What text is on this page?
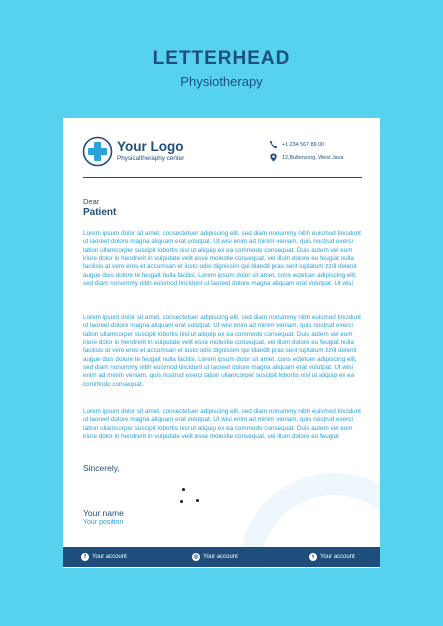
LETTERHEAD
Physiotherapy
Your Logo
Physicaltheraphy center
+1 234 567 89 00
12,Bultenzorg, West Java
Dear
Patient

Lorem ipsum dolor sit amet, consectetuer adipiscing elit, sed diam nonummy nibh euismod tincidunt ut laoreet dolore magna aliquam erat volutpat. Ut wisi enim ad minim veniam, quis nostrud exerci tation ullamcorper suscipit lobortis nisl ut aliquip ex ea commodo consequat. Duis autem vel eum iriure dolor in hendrerit in vulputate velit esse molestie consequat, vel illum dolore eu feugiat nulla facilisis at vero eros et accumsan et iusto odio dignissim qui blandit pras sent luptatum zzril delenit augue duis dolore te feugait nulla facilisi. Lorem ipsum dolor sit amet, cons ectetuer adipiscing elit, sed diam nonummy nibh euismod tincidunt ut laoreet dolore magna aliquam erat volutpat. Ut wisi

Lorem ipsum dolor sit amet, consectetuer adipiscing elit, sed diam nonummy nibh euismod tincidunt ut laoreet dolore magna aliquam erat volutpat. Ut wisi enim ad minim veniam, quis nostrud exerci tation ullamcorper suscipit lobortis nisl ut aliquip ex ea commodo consequat. Duis autem vel eum iriure dolor in hendrerit in vulputate velit esse molestie consequat, vel illum dolore eu feugiat nulla facilisis at vero eros et accumsan et iusto odio dignissim qui blandit pras sent luptatum zzril delenit augue duis dolore te feugait nulla facilisi. Lorem ipsum dolor sit amet, cons ectetuer adipiscing elit, sed diam nonummy nibh euismod tincidunt ut laoreet dolore magna aliquam erat volutpat. Ut wisi enim ad minim veniam, quis nostrud exerci tation ullamcorper suscipit lobortis nisl ut aliquip ex ea commodo consequat.

Lorem ipsum dolor sit amet, consectetuer adipiscing elit, sed diam nonummy nibh euismod tincidunt ut laoreet dolore magna aliquam erat volutpat. Ut wisi enim ad minim veniam, quis nostrud exerci tation ullamcorper suscipit lobortis nisl ut aliquip ex ea commodo consequat. Duis autem vel eum iriure dolor in hendrerit in vulputate velit esse molestie consequat, vel illum dolore eu feugiat

Sincerely,
Your name
Your position
f	Your account	◎ Your account	t	Your account
